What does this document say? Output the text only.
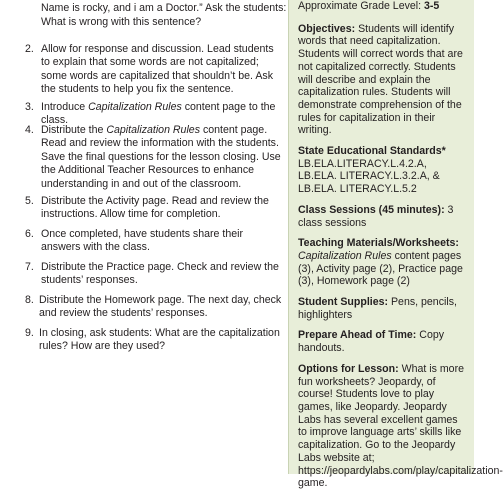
Name is rocky, and i am a Doctor.” Ask the students:
What is wrong with this sentence?
2. Allow for response and discussion. Lead students to explain that some words are not capitalized; some words are capitalized that shouldn’t be. Ask the students to help you fix the sentence.
3. Introduce Capitalization Rules content page to the class.
4. Distribute the Capitalization Rules content page. Read and review the information with the students. Save the final questions for the lesson closing. Use the Additional Teacher Resources to enhance understanding in and out of the classroom.
5. Distribute the Activity page. Read and review the instructions. Allow time for completion.
6. Once completed, have students share their answers with the class.
7. Distribute the Practice page. Check and review the students’ responses.
8. Distribute the Homework page. The next day, check and review the students’ responses.
9. In closing, ask students: What are the capitalization rules? How are they used?
Approximate Grade Level: 3-5
Objectives: Students will identify words that need capitalization. Students will correct words that are not capitalized correctly. Students will describe and explain the capitalization rules. Students will demonstrate comprehension of the rules for capitalization in their writing.
State Educational Standards*
LB.ELA.LITERACY.L.4.2.A, LB.ELA. LITERACY.L.3.2.A, & LB.ELA. LITERACY.L.5.2
Class Sessions (45 minutes): 3 class sessions
Teaching Materials/Worksheets:
Capitalization Rules content pages (3), Activity page (2), Practice page (3), Homework page (2)
Student Supplies: Pens, pencils, highlighters
Prepare Ahead of Time: Copy handouts.
Options for Lesson: What is more fun worksheets? Jeopardy, of course! Students love to play games, like Jeopardy. Jeopardy Labs has several excellent games to improve language arts’ skills like capitalization. Go to the Jeopardy Labs website at; https://jeopardylabs.com/play/capitalization-game.
